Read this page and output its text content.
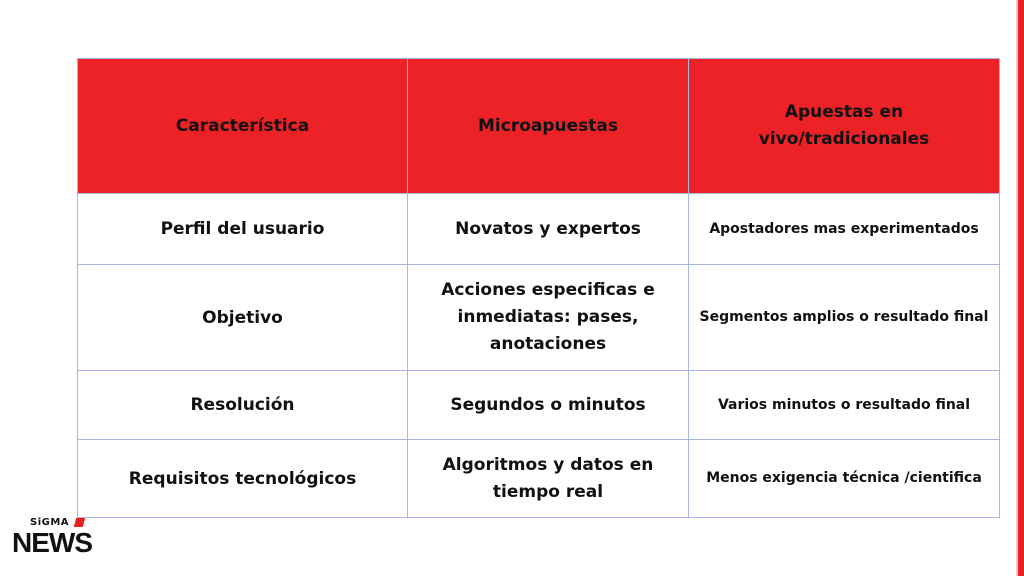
Característica	Microapuestas	Apuestas en vivo/tradicionales
Perfil del usuario	Novatos y expertos	Apostadores mas experimentados
Objetivo	Acciones especificas e inmediatas: pases, anotaciones	Segmentos amplios o resultado final
Resolución	Segundos o minutos	Varios minutos o resultado final
Requisitos tecnológicos	Algoritmos y datos en tiempo real	Menos exigencia técnica /cientifica
SiGMA
NEWS
